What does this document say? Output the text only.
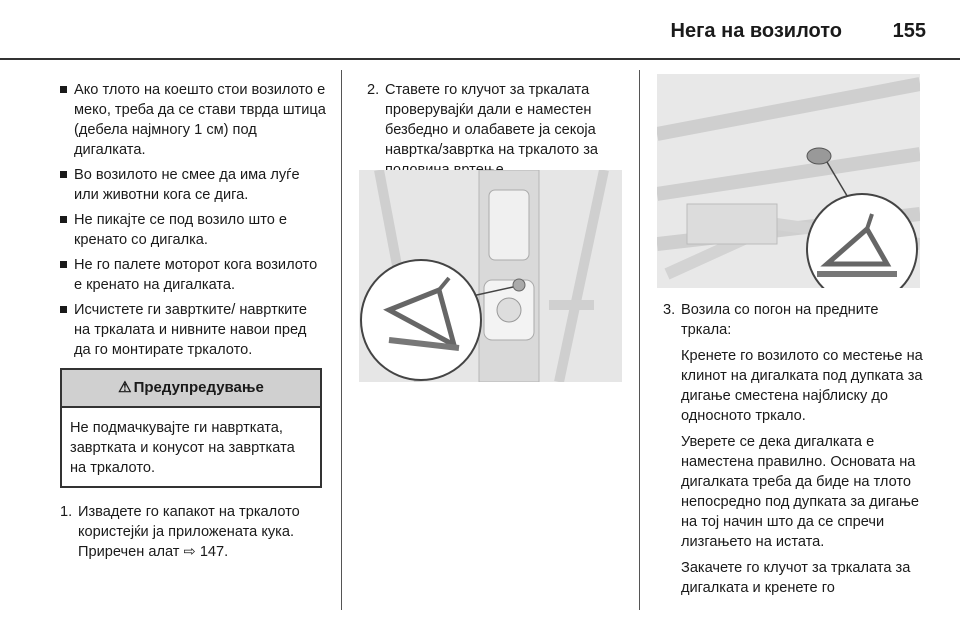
Нега на возилото	155
Ако тлото на коешто стои возилото е меко, треба да се стави тврда штица (дебела најмногу 1 см) под дигалката.
Во возилото не смее да има луѓе или животни кога се дига.
Не пикајте се под возило што е кренато со дигалка.
Не го палете моторот кога возилото е кренато на дигалката.
Исчистете ги завртките/ навртките на тркалата и нивните навои пред да го монтирате тркалото.
⚠ Предупредување
Не подмачкувајте ги навртката, завртката и конусот на завртката на тркалото.
1. Извадете го капакот на тркалото користејќи ја приложената кука. Приречен алат ⇨ 147.
2. Ставете го клучот за тркалата проверувајќи дали е наместен безбедно и олабавете ја секоја навртка/завртка на тркалото за
3. Возила со погон на предните тркала:
Кренете го возилото со местење на клинот на дигалката под дупката за дигање сместена најблиску до односното тркало.
Уверете се дека дигалката е наместена правилно. Основата на дигалката треба да биде на тлото непосредно под дупката за дигање на тој начин што да се спречи лизгањето на истата.
Закачете го клучот за тркалата за дигалката и кренете го
